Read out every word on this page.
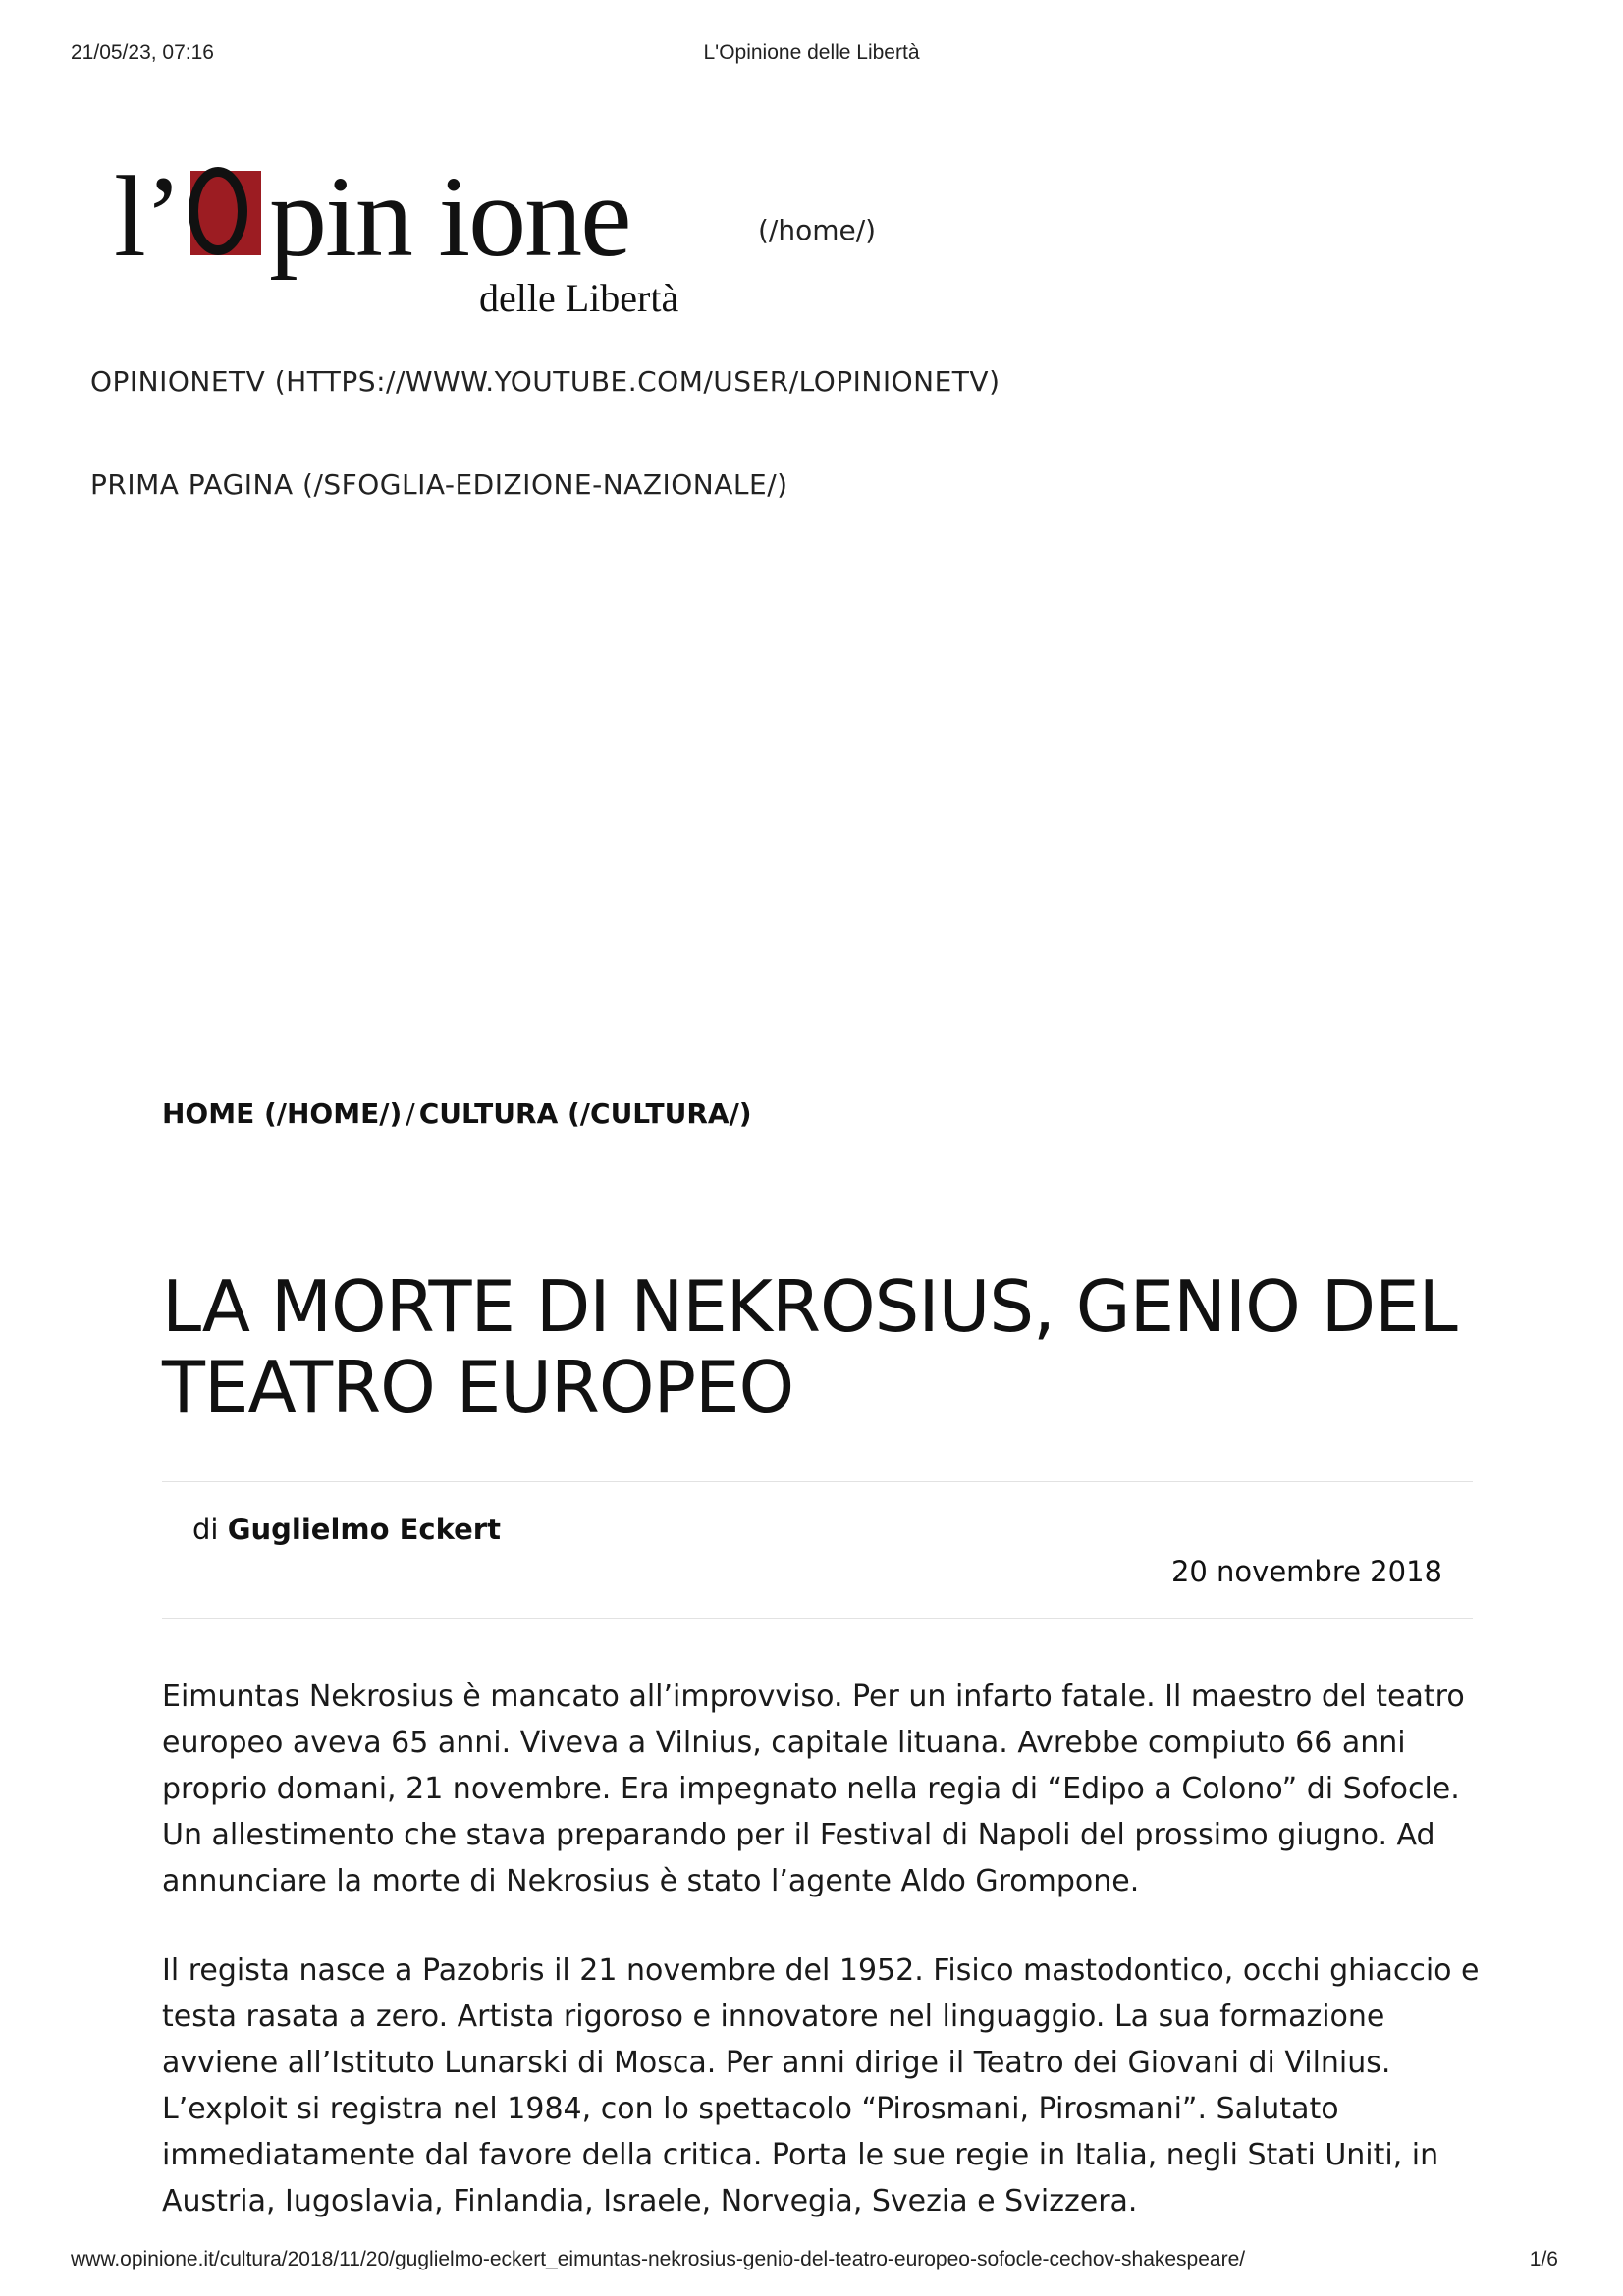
21/05/23, 07:16	L'Opinione delle Libertà
l’ pin ione
delle Libertà
(/home/)
OPINIONETV (HTTPS://WWW.YOUTUBE.COM/USER/LOPINIONETV)
PRIMA PAGINA (/SFOGLIA-EDIZIONE-NAZIONALE/)
HOME (/HOME/) / CULTURA (/CULTURA/)
LA MORTE DI NEKROSIUS, GENIO DEL TEATRO EUROPEO
di Guglielmo Eckert
20 novembre 2018

Eimuntas Nekrosius è mancato all’improvviso. Per un infarto fatale. Il maestro del teatro europeo aveva 65 anni. Viveva a Vilnius, capitale lituana. Avrebbe compiuto 66 anni proprio domani, 21 novembre. Era impegnato nella regia di “Edipo a Colono” di Sofocle. Un allestimento che stava preparando per il Festival di Napoli del prossimo giugno. Ad annunciare la morte di Nekrosius è stato l’agente Aldo Grompone.

Il regista nasce a Pazobris il 21 novembre del 1952. Fisico mastodontico, occhi ghiaccio e testa rasata a zero. Artista rigoroso e innovatore nel linguaggio. La sua formazione avviene all’Istituto Lunarski di Mosca. Per anni dirige il Teatro dei Giovani di Vilnius. L’exploit si registra nel 1984, con lo spettacolo “Pirosmani, Pirosmani”. Salutato immediatamente dal favore della critica. Porta le sue regie in Italia, negli Stati Uniti, in Austria, Iugoslavia, Finlandia, Israele, Norvegia, Svezia e Svizzera.

www.opinione.it/cultura/2018/11/20/guglielmo-eckert_eimuntas-nekrosius-genio-del-teatro-europeo-sofocle-cechov-shakespeare/	1/6
